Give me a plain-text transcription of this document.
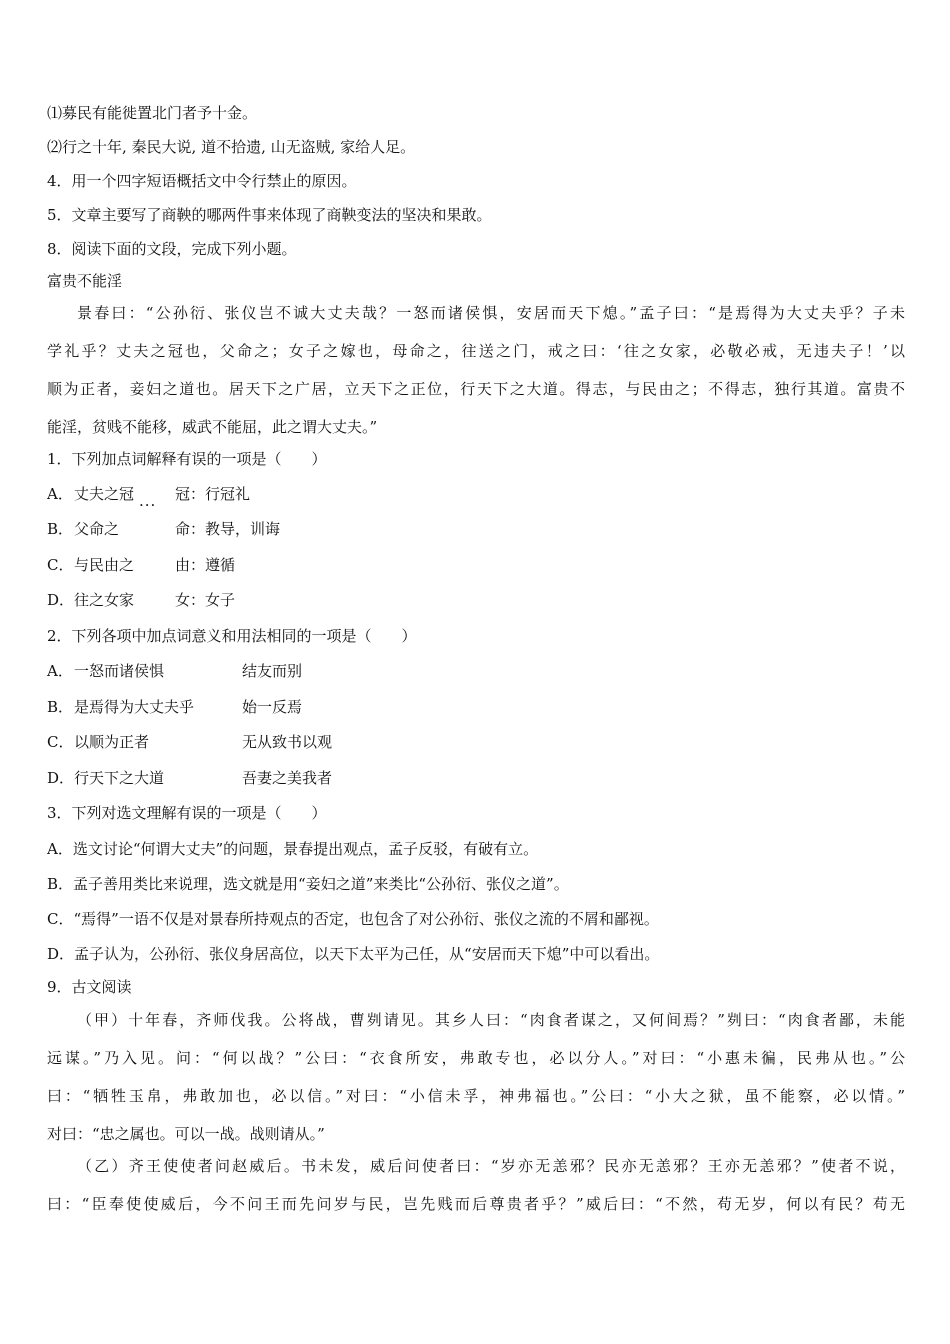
⑴募民有能徙置北门者予十金。
⑵行之十年, 秦民大说, 道不拾遗, 山无盗贼, 家给人足。
4．用一个四字短语概括文中令行禁止的原因。
5．文章主要写了商鞅的哪两件事来体现了商鞅变法的坚决和果敢。
8．阅读下面的文段，完成下列小题。
富贵不能淫

景春曰：“公孙衍、张仪岂不诚大丈夫哉？一怒而诸侯惧，安居而天下熄。”孟子曰：“是焉得为大丈夫乎？子未

学礼乎？丈夫之冠也，父命之；女子之嫁也，母命之，往送之门，戒之曰：‘往之女家，必敬必戒，无违夫子！’以

顺为正者，妾妇之道也。居天下之广居，立天下之正位，行天下之大道。得志，与民由之；不得志，独行其道。富贵不

能淫，贫贱不能移，威武不能屈，此之谓大丈夫。”

1．下列加点词解释有误的一项是（　　）
A． 丈夫之冠 ... 冠：行冠礼
B． 父命之	命：教导，训诲
C． 与民由之	由：遵循
D． 往之女家	女：女子
2．下列各项中加点词意义和用法相同的一项是（　　）
A． 一怒而诸侯惧	结友而别
B． 是焉得为大丈夫乎	始一反焉
C． 以顺为正者	无从致书以观
D． 行天下之大道	吾妻之美我者
3．下列对选文理解有误的一项是（　　）
A．选文讨论“何谓大丈夫”的问题，景春提出观点，孟子反驳，有破有立。
B．孟子善用类比来说理，选文就是用“妾妇之道”来类比“公孙衍、张仪之道”。
C．“焉得”一语不仅是对景春所持观点的否定，也包含了对公孙衍、张仪之流的不屑和鄙视。
D．孟子认为，公孙衍、张仪身居高位，以天下太平为己任，从“安居而天下熄”中可以看出。
9．古文阅读

（甲）十年春，齐师伐我。公将战，曹刿请见。其乡人曰：“肉食者谋之，又何间焉？”刿曰：“肉食者鄙，未能

远谋。”乃入见。问：“何以战？”公曰：“衣食所安，弗敢专也，必以分人。”对曰：“小惠未徧，民弗从也。”公

曰：“牺牲玉帛，弗敢加也，必以信。”对曰：“小信未孚，神弗福也。”公曰：“小大之狱，虽不能察，必以情。”

对曰：“忠之属也。可以一战。战则请从。”

（乙）齐王使使者问赵威后。书未发，威后问使者曰：“岁亦无恙邪？民亦无恙邪？王亦无恙邪？”使者不说，

曰：“臣奉使使威后，今不问王而先问岁与民，岂先贱而后尊贵者乎？”威后曰：“不然，苟无岁，何以有民？苟无
